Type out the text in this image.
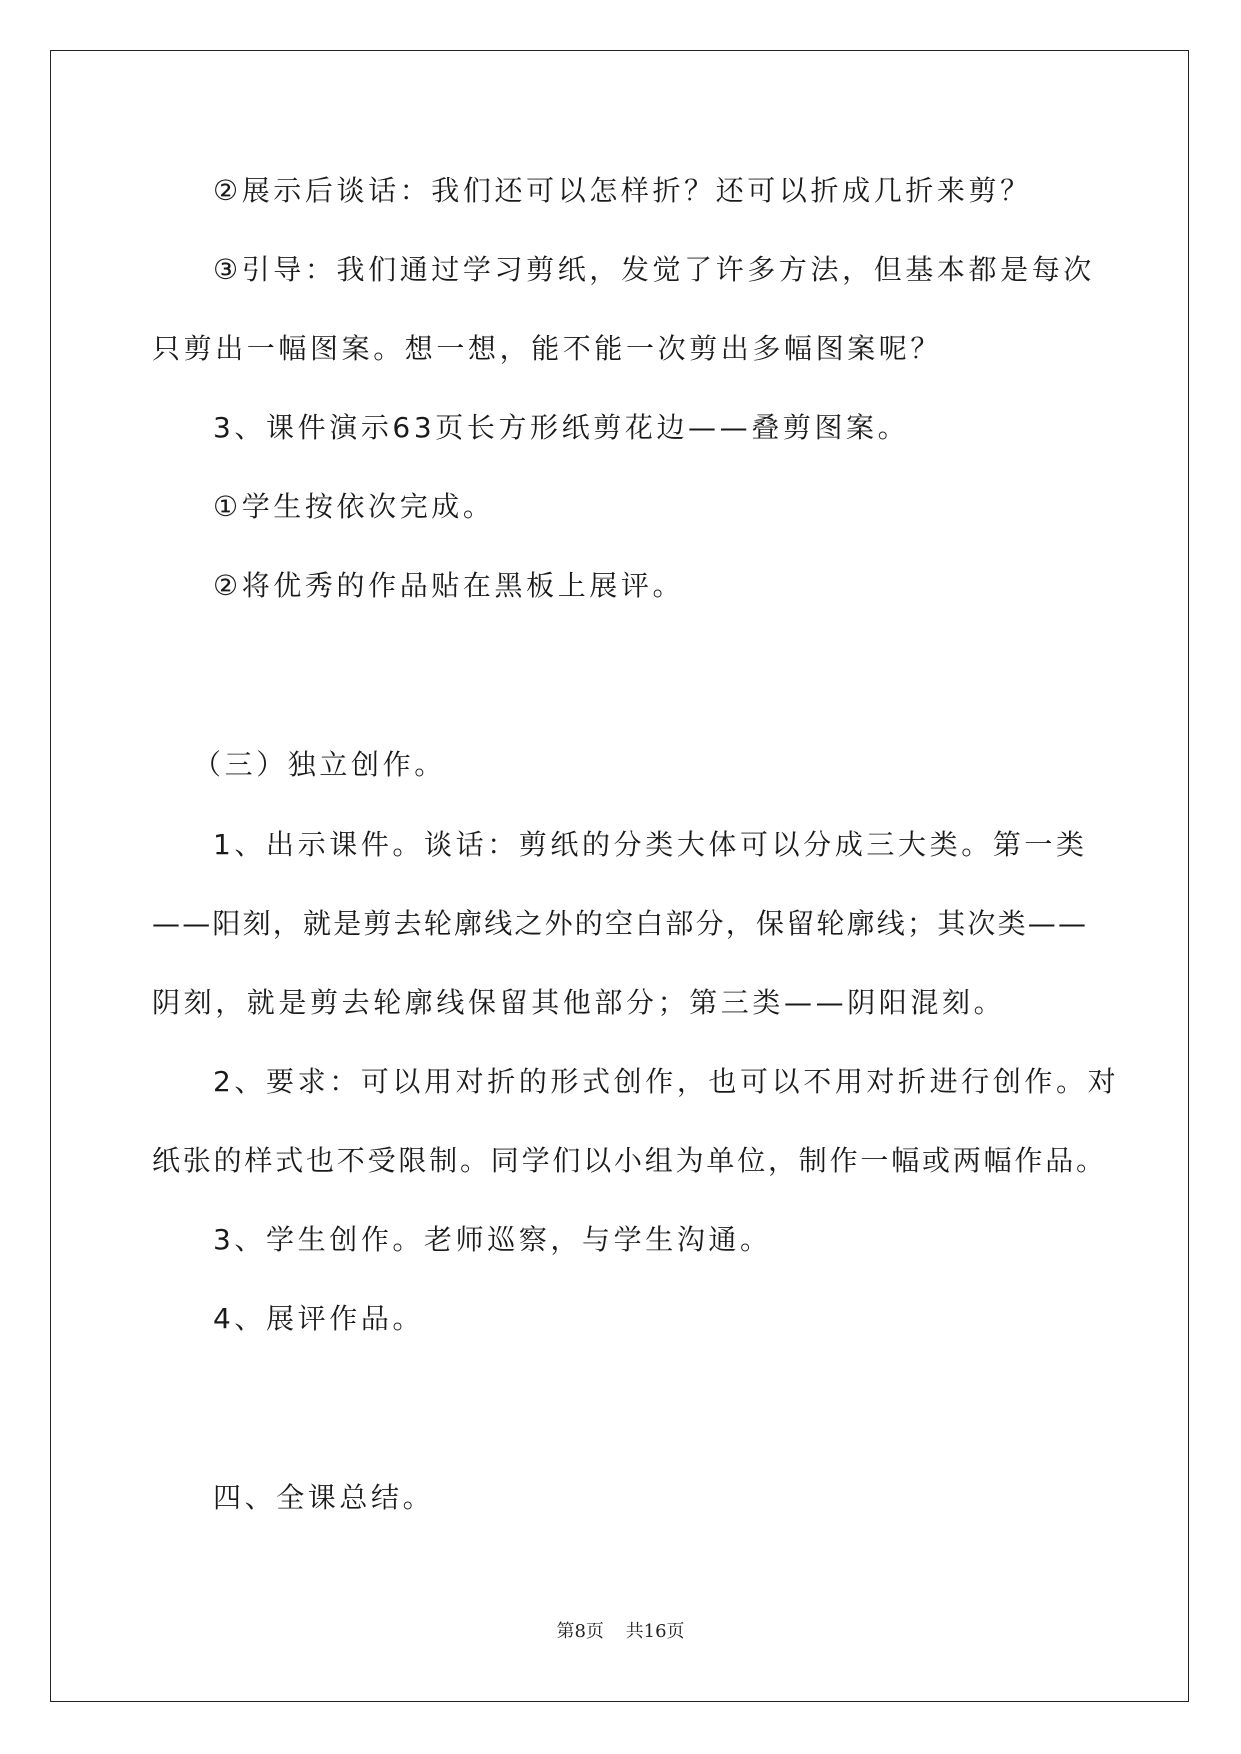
②展示后谈话：我们还可以怎样折？还可以折成几折来剪？
③引导：我们通过学习剪纸，发觉了许多方法，但基本都是每次
只剪出一幅图案。想一想，能不能一次剪出多幅图案呢？
3、课件演示63页长方形纸剪花边——叠剪图案。
①学生按依次完成。
②将优秀的作品贴在黑板上展评。
（三）独立创作。
1、出示课件。谈话：剪纸的分类大体可以分成三大类。第一类
——阳刻，就是剪去轮廓线之外的空白部分，保留轮廓线；其次类——
阴刻，就是剪去轮廓线保留其他部分；第三类——阴阳混刻。
2、要求：可以用对折的形式创作，也可以不用对折进行创作。对
纸张的样式也不受限制。同学们以小组为单位，制作一幅或两幅作品。
3、学生创作。老师巡察，与学生沟通。
4、展评作品。
四、全课总结。
第8页 共16页
